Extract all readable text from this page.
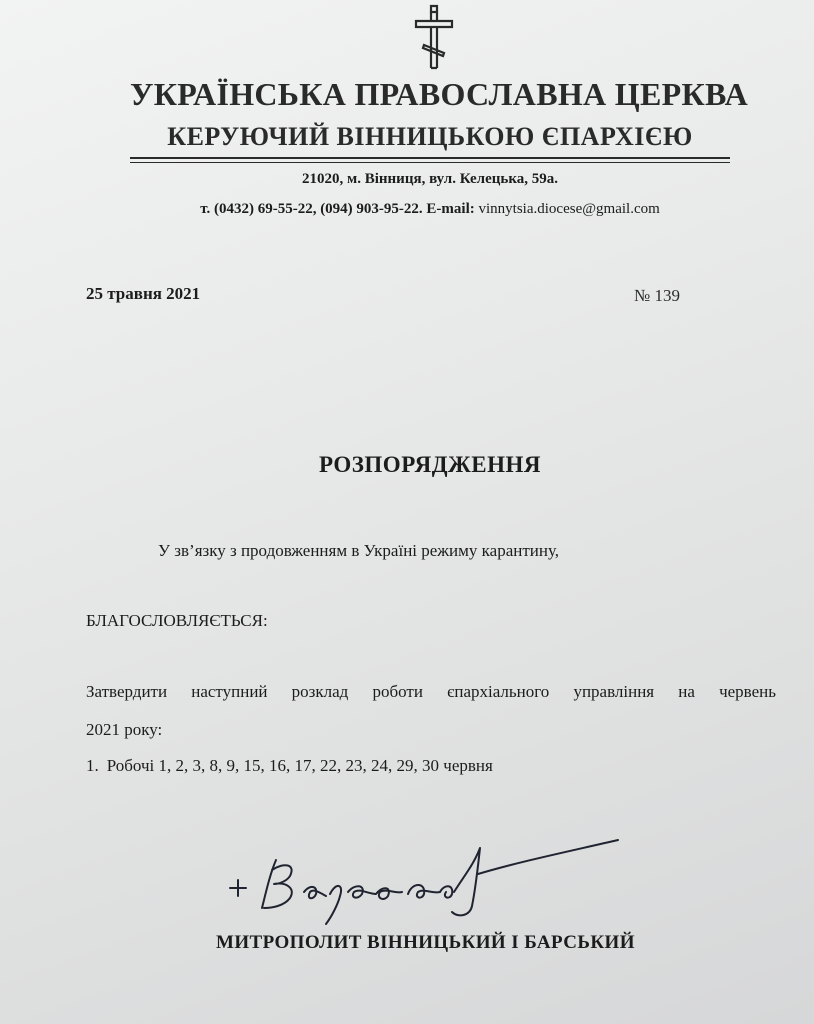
УКРАЇНСЬКА ПРАВОСЛАВНА ЦЕРКВА
КЕРУЮЧИЙ ВІННИЦЬКОЮ ЄПАРХІЄЮ
21020, м. Вінниця, вул. Келецька, 59а.
т. (0432) 69-55-22, (094) 903-95-22. E-mail: vinnytsia.diocese@gmail.com
25 травня 2021	№ 139
РОЗПОРЯДЖЕННЯ
У зв’язку з продовженням в Україні режиму карантину,
БЛАГОСЛОВЛЯЄТЬСЯ:
Затвердити наступний розклад роботи єпархіального управління на червень
2021 року:
1. Робочі 1, 2, 3, 8, 9, 15, 16, 17, 22, 23, 24, 29, 30 червня
МИТРОПОЛИТ ВІННИЦЬКИЙ І БАРСЬКИЙ
